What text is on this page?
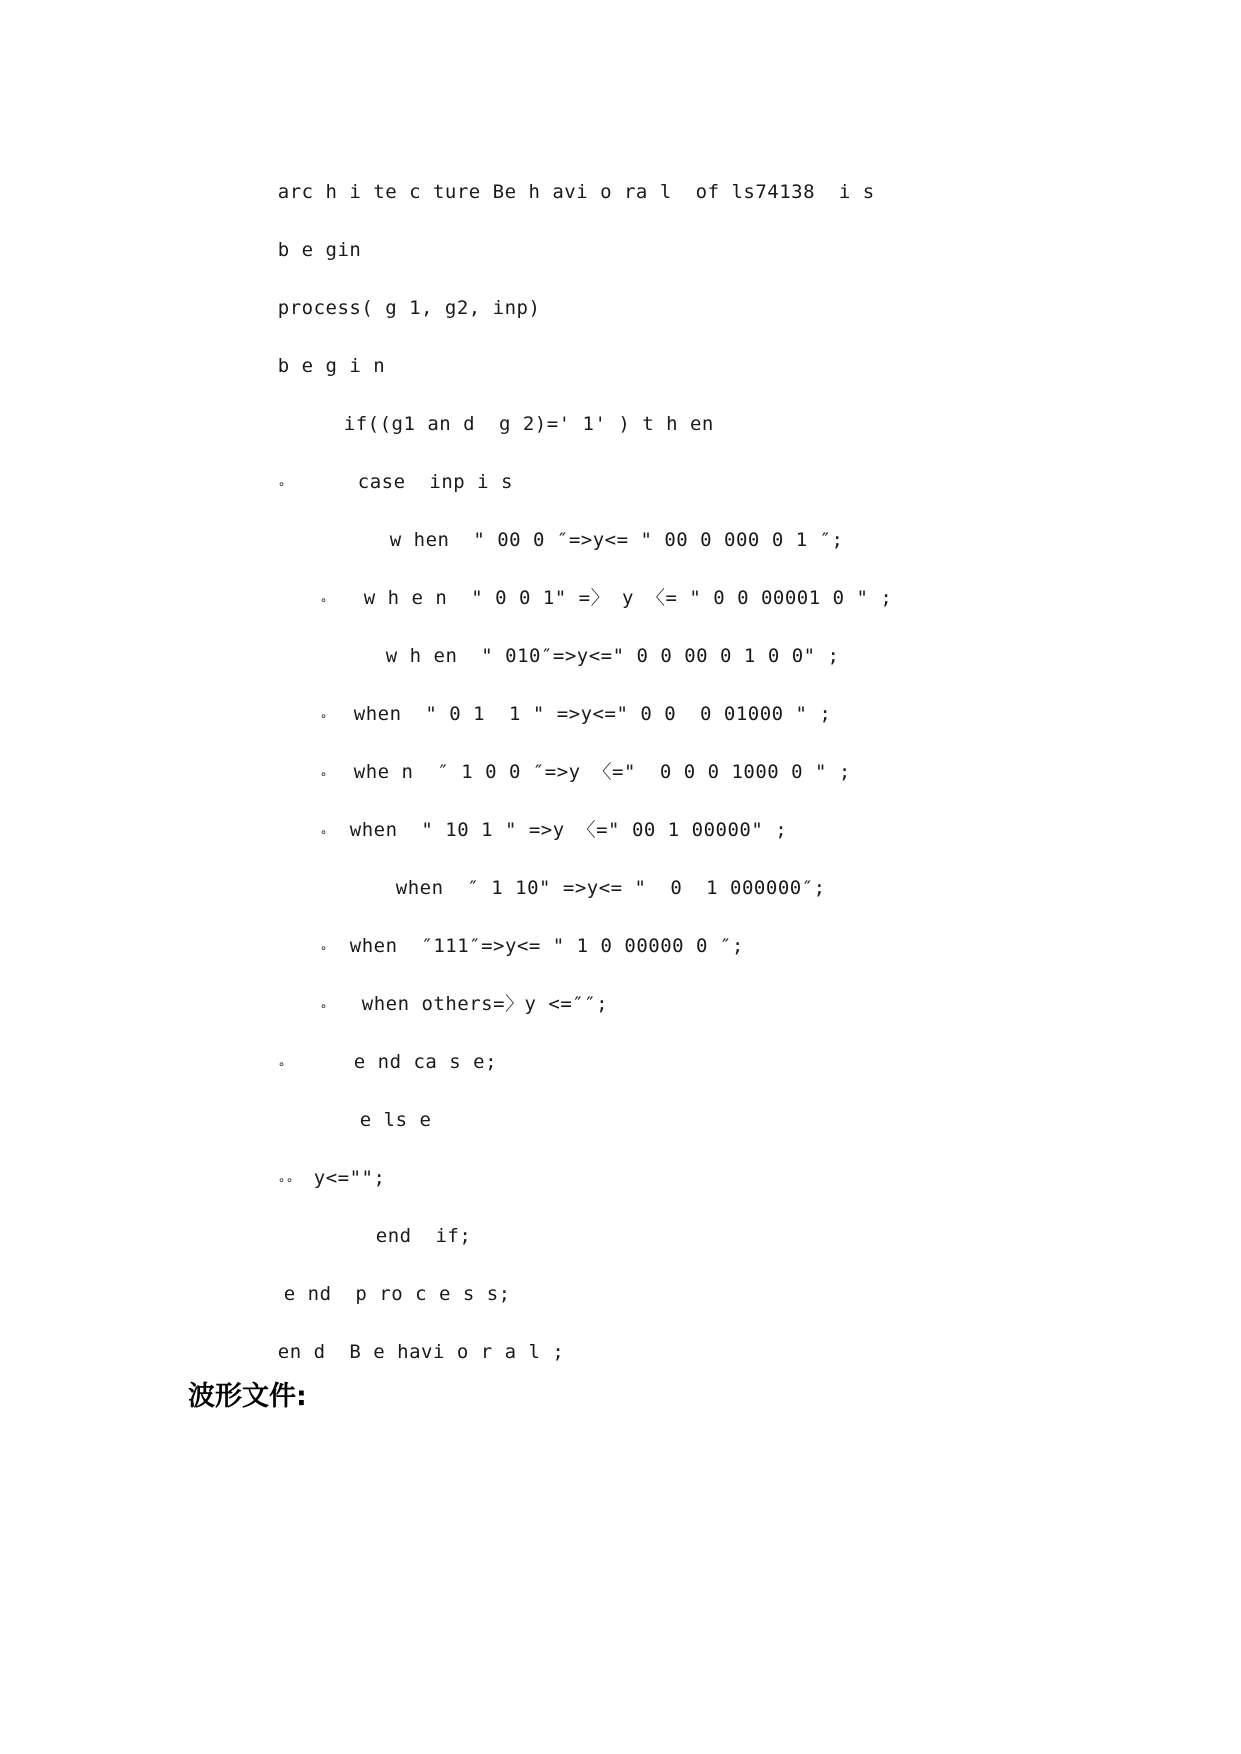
arc h i te c ture Be h avi o ra l  of ls74138  i s

b e gin

process( g 1, g2, inp)

b e g i n

if((g1 an d  g 2)=' 1' ) t h en

∘	case  inp i s

w hen  " 00 0 ″=>y<= " 00 0 000 0 1 ″;

∘ w h e n  " 0 0 1" =〉 y 〈= " 0 0 00001 0 " ;

w h en  " 010″=>y<=" 0 0 00 0 1 0 0" ;

∘ when  " 0 1  1 " =>y<=" 0 0  0 01000 " ;

∘ whe n  ″ 1 0 0 ″=>y 〈="  0 0 0 1000 0 " ;

∘ when  " 10 1 " =>y 〈=" 00 1 00000" ;

when  ″ 1 10" =>y<= "  0  1 000000″;

∘ when  ″111″=>y<= " 1 0 00000 0 ″;

∘ when others=〉y <=″″;

∘	e nd ca s e;

e ls e

∘∘ y<="";

end  if;

e nd  p ro c e s s;

en d  B e havi o r a l ;

波形文件:
